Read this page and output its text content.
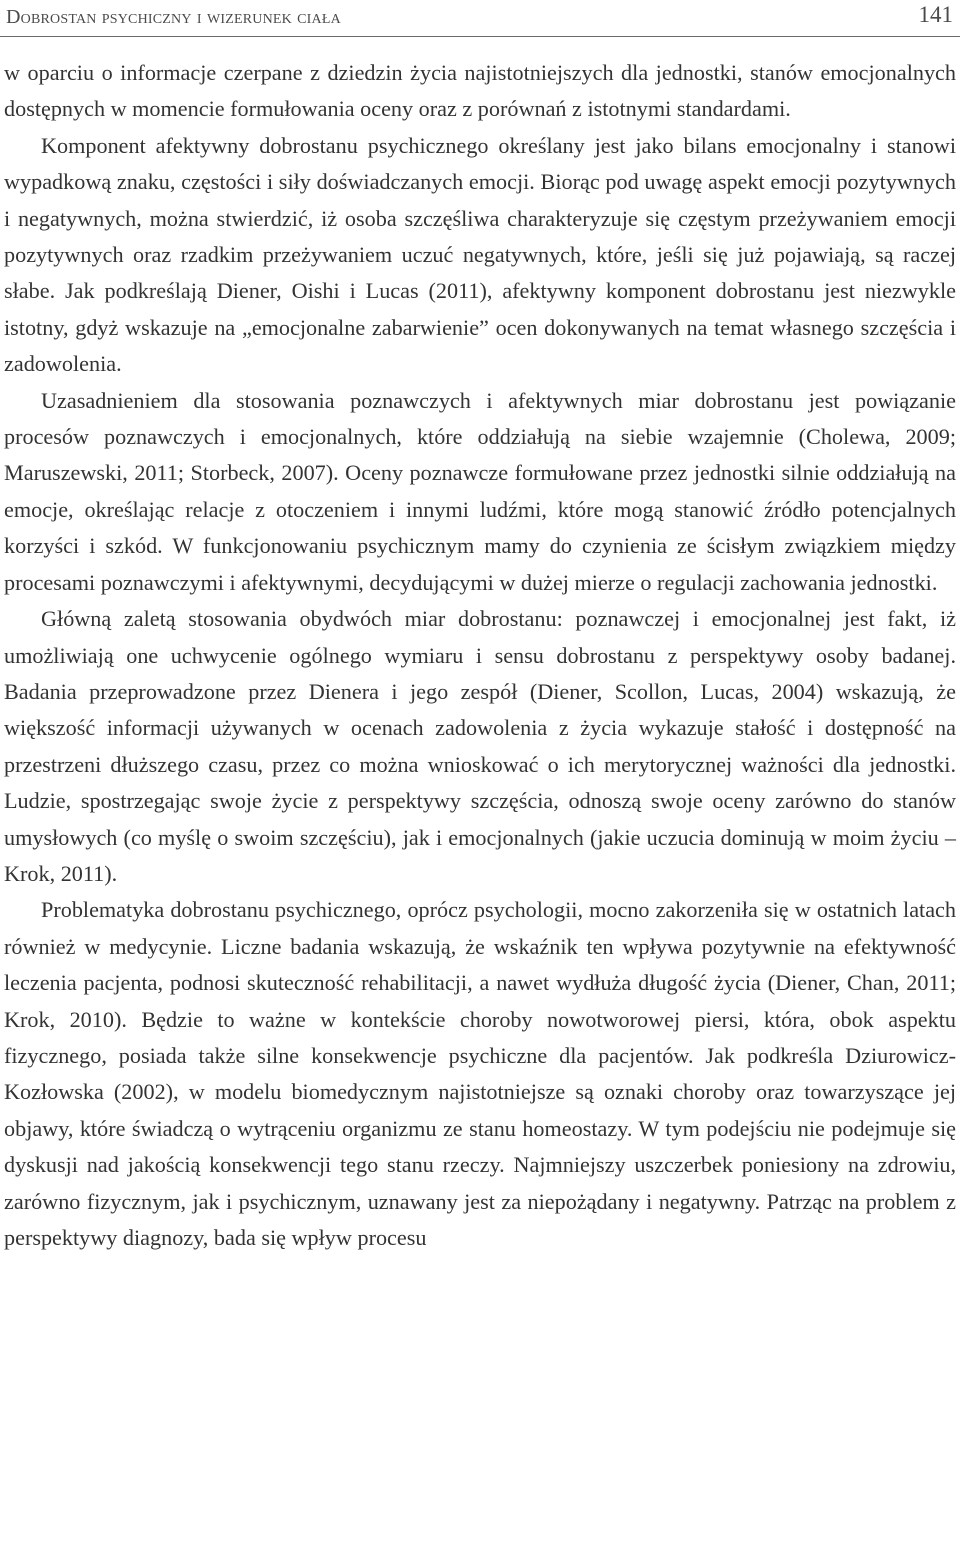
Dobrostan psychiczny i wizerunek ciała	141

w oparciu o informacje czerpane z dziedzin życia najistotniejszych dla jednostki, stanów emocjonalnych dostępnych w momencie formułowania oceny oraz z porównań z istotnymi standardami.

Komponent afektywny dobrostanu psychicznego określany jest jako bilans emocjonalny i stanowi wypadkową znaku, częstości i siły doświadczanych emocji. Biorąc pod uwagę aspekt emocji pozytywnych i negatywnych, można stwierdzić, iż osoba szczęśliwa charakteryzuje się częstym przeżywaniem emocji pozytywnych oraz rzadkim przeżywaniem uczuć negatywnych, które, jeśli się już pojawiają, są raczej słabe. Jak podkreślają Diener, Oishi i Lucas (2011), afektywny komponent dobrostanu jest niezwykle istotny, gdyż wskazuje na „emocjonalne zabarwienie” ocen dokonywanych na temat własnego szczęścia i zadowolenia.

Uzasadnieniem dla stosowania poznawczych i afektywnych miar dobrostanu jest powiązanie procesów poznawczych i emocjonalnych, które oddziałują na siebie wzajemnie (Cholewa, 2009; Maruszewski, 2011; Storbeck, 2007). Oceny poznawcze formułowane przez jednostki silnie oddziałują na emocje, określając relacje z otoczeniem i innymi ludźmi, które mogą stanowić źródło potencjalnych korzyści i szkód. W funkcjonowaniu psychicznym mamy do czynienia ze ścisłym związkiem między procesami poznawczymi i afektywnymi, decydującymi w dużej mierze o regulacji zachowania jednostki.

Główną zaletą stosowania obydwóch miar dobrostanu: poznawczej i emocjonalnej jest fakt, iż umożliwiają one uchwycenie ogólnego wymiaru i sensu dobrostanu z perspektywy osoby badanej. Badania przeprowadzone przez Dienera i jego zespół (Diener, Scollon, Lucas, 2004) wskazują, że większość informacji używanych w ocenach zadowolenia z życia wykazuje stałość i dostępność na przestrzeni dłuższego czasu, przez co można wnioskować o ich merytorycznej ważności dla jednostki. Ludzie, spostrzegając swoje życie z perspektywy szczęścia, odnoszą swoje oceny zarówno do stanów umysłowych (co myślę o swoim szczęściu), jak i emocjonalnych (jakie uczucia dominują w moim życiu – Krok, 2011).

Problematyka dobrostanu psychicznego, oprócz psychologii, mocno zakorzeniła się w ostatnich latach również w medycynie. Liczne badania wskazują, że wskaźnik ten wpływa pozytywnie na efektywność leczenia pacjenta, podnosi skuteczność rehabilitacji, a nawet wydłuża długość życia (Diener, Chan, 2011; Krok, 2010). Będzie to ważne w kontekście choroby nowotworowej piersi, która, obok aspektu fizycznego, posiada także silne konsekwencje psychiczne dla pacjentów. Jak podkreśla Dziurowicz-Kozłowska (2002), w modelu biomedycznym najistotniejsze są oznaki choroby oraz towarzyszące jej objawy, które świadczą o wytrąceniu organizmu ze stanu homeostazy. W tym podejściu nie podejmuje się dyskusji nad jakością konsekwencji tego stanu rzeczy. Najmniejszy uszczerbek poniesiony na zdrowiu, zarówno fizycznym, jak i psychicznym, uznawany jest za niepożądany i negatywny. Patrząc na problem z perspektywy diagnozy, bada się wpływ procesu
